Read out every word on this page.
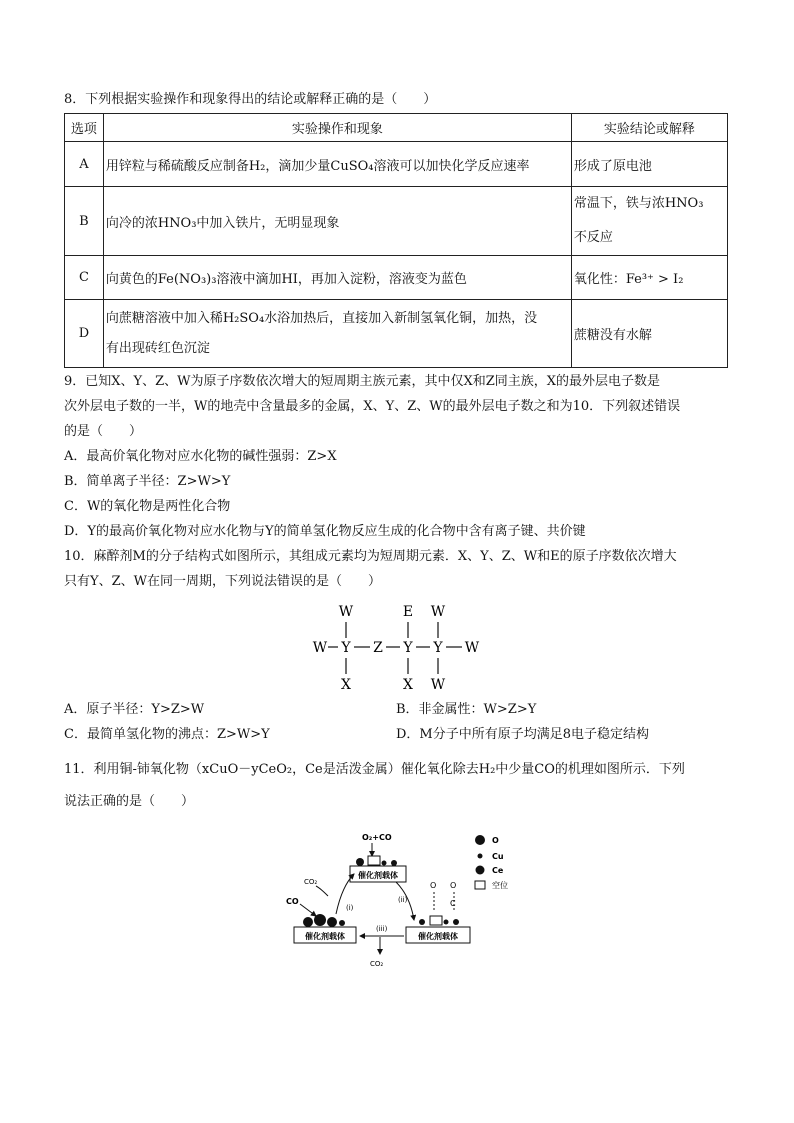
8．下列根据实验操作和现象得出的结论或解释正确的是（　　）
选项	实验操作和现象	实验结论或解释
A	用锌粒与稀硫酸反应制备H₂，滴加少量CuSO₄溶液可以加快化学反应速率	形成了原电池
B	向冷的浓HNO₃中加入铁片，无明显现象	常温下，铁与浓HNO₃
不反应

C	向黄色的Fe(NO₃)₃溶液中滴加HI，再加入淀粉，溶液变为蓝色	氧化性：Fe³⁺ > I₂
D	向蔗糖溶液中加入稀H₂SO₄水浴加热后，直接加入新制氢氧化铜，加热，没
有出现砖红色沉淀	蔗糖没有水解
9．已知X、Y、Z、W为原子序数依次增大的短周期主族元素，其中仅X和Z同主族，X的最外层电子数是
次外层电子数的一半，W的地壳中含量最多的金属，X、Y、Z、W的最外层电子数之和为10．下列叙述错误
的是（　　）
A．最高价氧化物对应水化物的碱性强弱：Z>X
B．简单离子半径：Z>W>Y
C．W的氧化物是两性化合物
D．Y的最高价氧化物对应水化物与Y的简单氢化物反应生成的化合物中含有离子键、共价键
10．麻醉剂M的分子结构式如图所示，其组成元素均为短周期元素．X、Y、Z、W和E的原子序数依次增大
只有Y、Z、W在同一周期，下列说法错误的是（　　）
W	E W
W Y Z Y Y W
X	X W
A．原子半径：Y>Z>W	B．非金属性：W>Z>Y
C．最简单氢化物的沸点：Z>W>Y	D．M分子中所有原子均满足8电子稳定结构
11．利用铜-铈氧化物（xCuO－yCeO₂，Ce是活泼金属）催化氧化除去H₂中少量CO的机理如图所示．下列
说法正确的是（　　）
O₂+CO
催化剂载体
CO₂
CO
催化剂载体
(i)
(ii)
O O
C
催化剂载体
(iii)
CO₂
O
Cu
Ce
空位
